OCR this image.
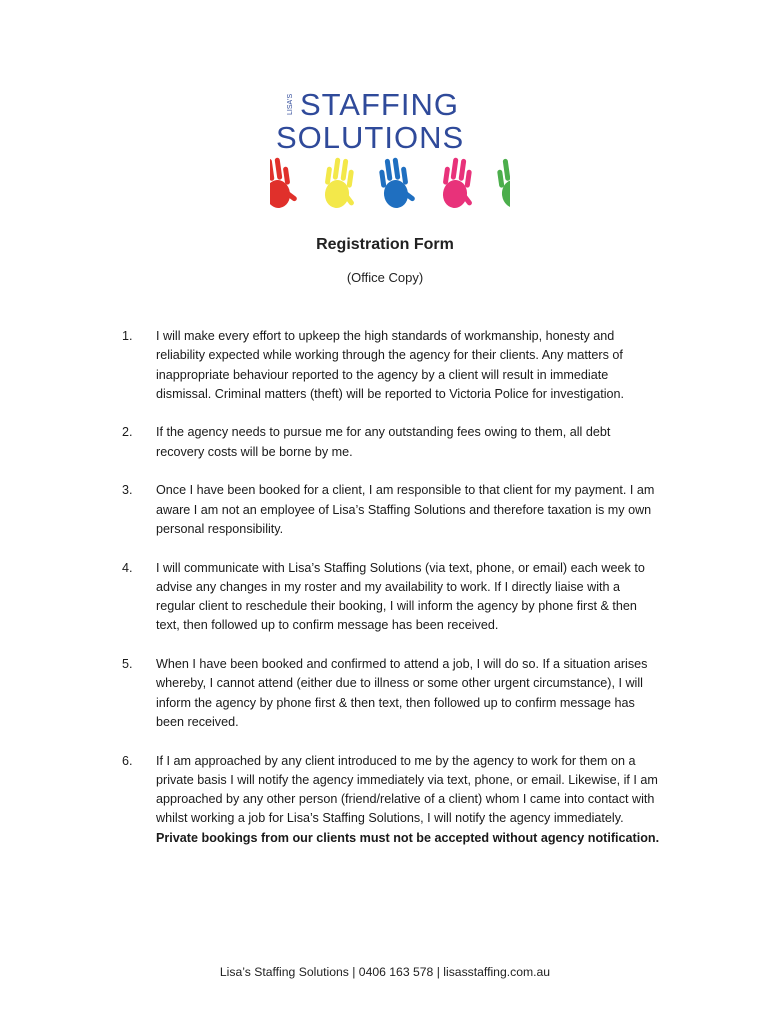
LISA'S STAFFING
SOLUTIONS
Registration Form
(Office Copy)
1. I will make every effort to upkeep the high standards of workmanship, honesty and reliability expected while working through the agency for their clients. Any matters of inappropriate behaviour reported to the agency by a client will result in immediate dismissal. Criminal matters (theft) will be reported to Victoria Police for investigation.
2. If the agency needs to pursue me for any outstanding fees owing to them, all debt recovery costs will be borne by me.
3. Once I have been booked for a client, I am responsible to that client for my payment. I am aware I am not an employee of Lisa’s Staffing Solutions and therefore taxation is my own personal responsibility.
4. I will communicate with Lisa’s Staffing Solutions (via text, phone, or email) each week to advise any changes in my roster and my availability to work. If I directly liaise with a regular client to reschedule their booking, I will inform the agency by phone first & then text, then followed up to confirm message has been received.
5. When I have been booked and confirmed to attend a job, I will do so. If a situation arises whereby, I cannot attend (either due to illness or some other urgent circumstance), I will inform the agency by phone first & then text, then followed up to confirm message has been received.
6. If I am approached by any client introduced to me by the agency to work for them on a private basis I will notify the agency immediately via text, phone, or email. Likewise, if I am approached by any other person (friend/relative of a client) whom I came into contact with whilst working a job for Lisa’s Staffing Solutions, I will notify the agency immediately. Private bookings from our clients must not be accepted without agency notification.
Lisa’s Staffing Solutions | 0406 163 578 | lisasstaffing.com.au
